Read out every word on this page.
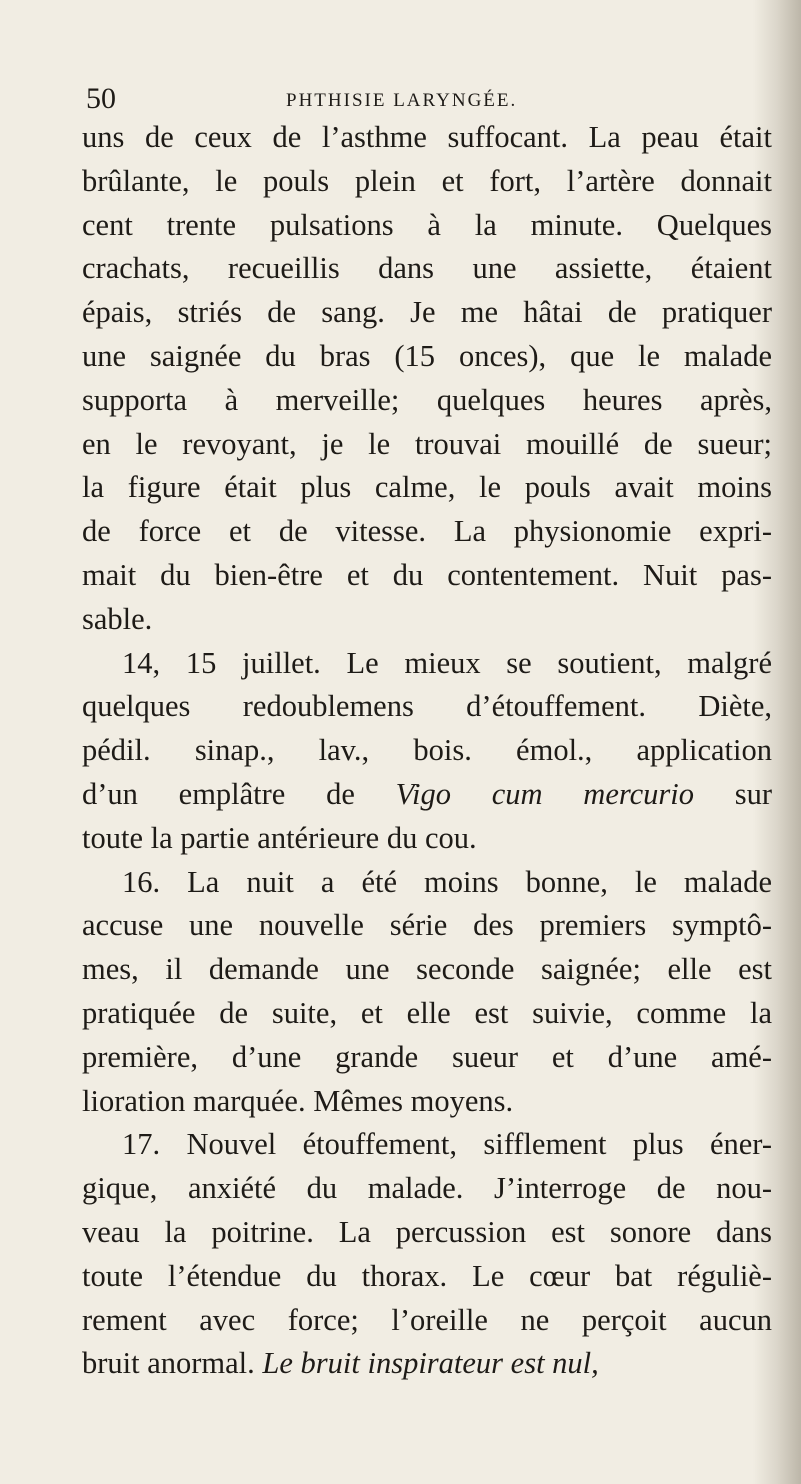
50	PHTHISIE LARYNGÉE.
uns de ceux de l’asthme suffocant. La peau était
brûlante, le pouls plein et fort, l’artère donnait
cent trente pulsations à la minute. Quelques
crachats, recueillis dans une assiette, étaient
épais, striés de sang. Je me hâtai de pratiquer
une saignée du bras (15 onces), que le malade
supporta à merveille; quelques heures après,
en le revoyant, je le trouvai mouillé de sueur;
la figure était plus calme, le pouls avait moins
de force et de vitesse. La physionomie expri-
mait du bien-être et du contentement. Nuit pas-
sable.
14, 15 juillet. Le mieux se soutient, malgré
quelques redoublemens d’étouffement. Diète,
pédil. sinap., lav., bois. émol., application
d’un emplâtre de Vigo cum mercurio sur
toute la partie antérieure du cou.
16. La nuit a été moins bonne, le malade
accuse une nouvelle série des premiers symptô-
mes, il demande une seconde saignée; elle est
pratiquée de suite, et elle est suivie, comme la
première, d’une grande sueur et d’une amé-
lioration marquée. Mêmes moyens.
17. Nouvel étouffement, sifflement plus éner-
gique, anxiété du malade. J’interroge de nou-
veau la poitrine. La percussion est sonore dans
toute l’étendue du thorax. Le cœur bat réguliè-
rement avec force; l’oreille ne perçoit aucun
bruit anormal. Le bruit inspirateur est nul,
